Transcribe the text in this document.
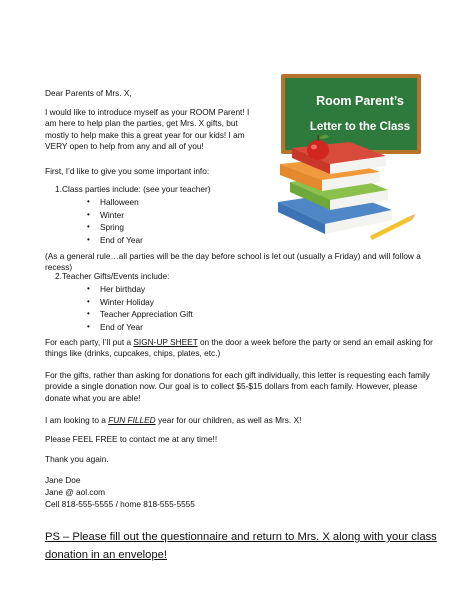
Dear Parents of Mrs. X,

I would like to introduce myself as your ROOM Parent! I am here to help plan the parties, get Mrs. X gifts, but mostly to help make this a great year for our kids! I am VERY open to help from any and all of you!

First, I’d like to give you some important info:

1. Class parties include: (see your teacher)
• Halloween
• Winter
• Spring
• End of Year

(As a general rule…all parties will be the day before school is let out (usually a Friday) and will follow a recess)

2. Teacher Gifts/Events include:
• Her birthday
• Winter Holiday
• Teacher Appreciation Gift
• End of Year

For each party, I’ll put a SIGN-UP SHEET on the door a week before the party or send an email asking for things like (drinks, cupcakes, chips, plates, etc.)

For the gifts, rather than asking for donations for each gift individually, this letter is requesting each family provide a single donation now. Our goal is to collect $5-$15 dollars from each family. However, please donate what you are able!

I am looking to a FUN FILLED year for our children, as well as Mrs. X!

Please FEEL FREE to contact me at any time!!

Thank you again.

Jane Doe

Jane @ aol.com

Cell 818-555-5555 / home 818-555-5555

PS – Please fill out the questionnaire and return to Mrs. X along with your class donation in an envelope!

Room Parent’s
Letter to the Class
